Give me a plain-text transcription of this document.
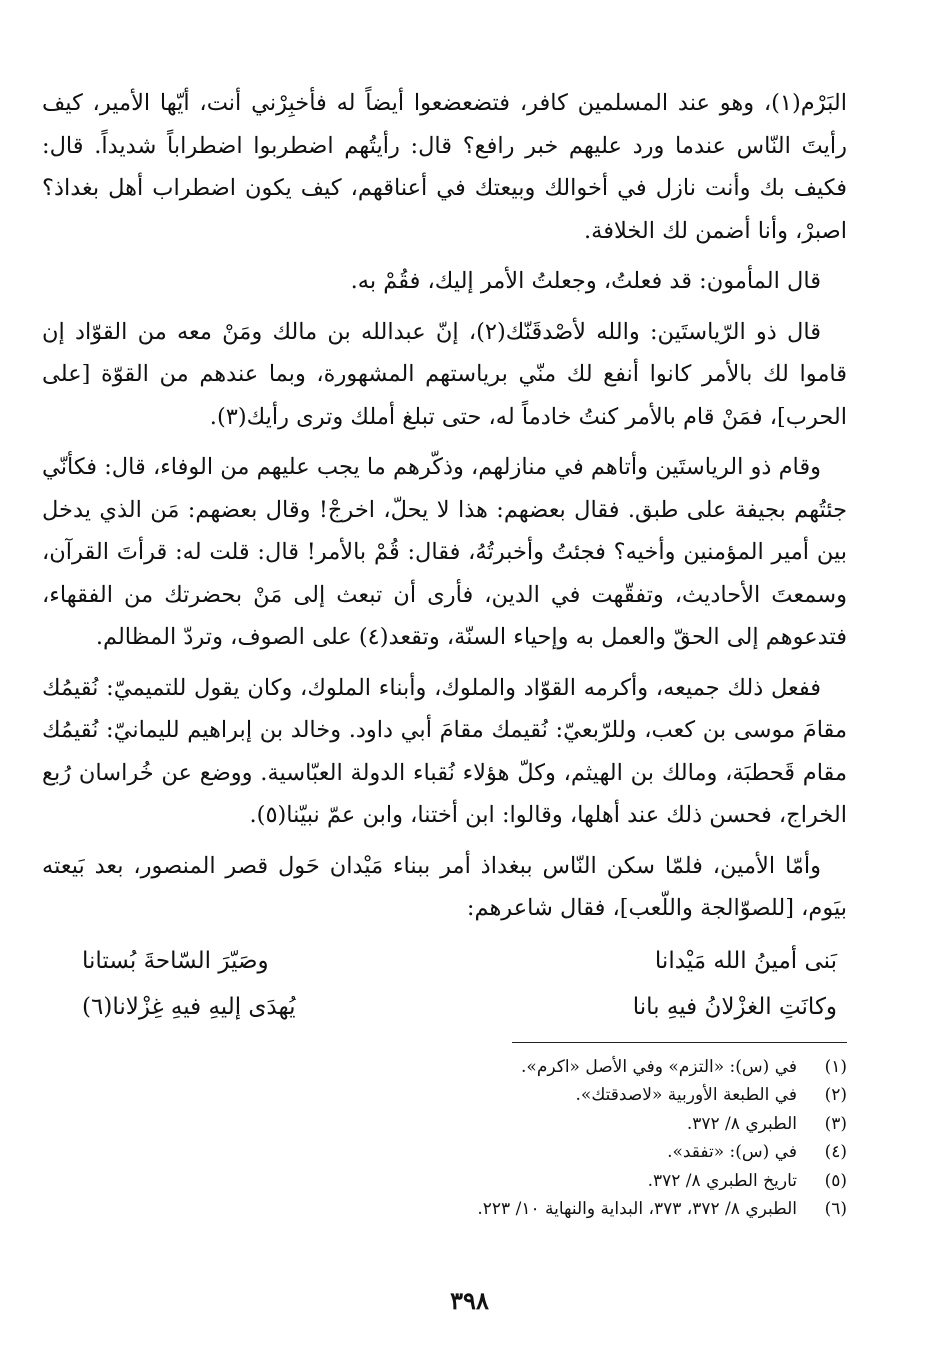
البَرْم(١)، وهو عند المسلمين كافر، فتضعضعوا أيضاً له فأخبِرْني أنت، أيّها الأمير، كيف رأيتَ النّاس عندما ورد عليهم خبر رافع؟ قال: رأيتُهم اضطربوا اضطراباً شديداً. قال: فكيف بك وأنت نازل في أخوالك وبيعتك في أعناقهم، كيف يكون اضطراب أهل بغداذ؟ اصبرْ، وأنا أضمن لك الخلافة.

قال المأمون: قد فعلتُ، وجعلتُ الأمر إليك، فقُمْ به.

قال ذو الرّياستَين: والله لأصْدقَنّك(٢)، إنّ عبدالله بن مالك ومَنْ معه من القوّاد إن قاموا لك بالأمر كانوا أنفع لك منّي برياستهم المشهورة، وبما عندهم من القوّة [على الحرب]، فمَنْ قام بالأمر كنتُ خادماً له، حتى تبلغ أملك وترى رأيك(٣).

وقام ذو الرياستَين وأتاهم في منازلهم، وذكّرهم ما يجب عليهم من الوفاء، قال: فكأنّي جئتُهم بجيفة على طبق. فقال بعضهم: هذا لا يحلّ، اخرجْ! وقال بعضهم: مَن الذي يدخل بين أمير المؤمنين وأخيه؟ فجئتُ وأخبرتُهُ، فقال: قُمْ بالأمر! قال: قلت له: قرأتَ القرآن، وسمعتَ الأحاديث، وتفقّهت في الدين، فأرى أن تبعث إلى مَنْ بحضرتك من الفقهاء، فتدعوهم إلى الحقّ والعمل به وإحياء السنّة، وتقعد(٤) على الصوف، وتردّ المظالم.

ففعل ذلك جميعه، وأكرمه القوّاد والملوك، وأبناء الملوك، وكان يقول للتميميّ: نُقيمُك مقامَ موسى بن كعب، وللرّبعيّ: نُقيمك مقامَ أبي داود. وخالد بن إبراهيم لليمانيّ: نُقيمُك مقام قَحطبَة، ومالك بن الهيثم، وكلّ هؤلاء نُقباء الدولة العبّاسية. ووضع عن خُراسان رُبع الخراج، فحسن ذلك عند أهلها، وقالوا: ابن أختنا، وابن عمّ نبيّنا(٥).

وأمّا الأمين، فلمّا سكن النّاس ببغداذ أمر ببناء مَيْدان حَول قصر المنصور، بعد بَيعته بيَوم، [للصوّالجة واللّعب]، فقال شاعرهم:

بَنى أمينُ الله مَيْدانا
وصَيّرَ السّاحةَ بُستانا
وكانَتِ الغزْلانُ فيهِ بانا
يُهدَى إليهِ فيهِ غِزْلانا(٦)
(١)
في (س): «التزم» وفي الأصل «اكرم».
(٢)
في الطبعة الأوربية «لاصدقتك».
(٣)
الطبري ٨/ ٣٧٢.
(٤)
في (س): «تفقد».
(٥)
تاريخ الطبري ٨/ ٣٧٢.
(٦)
الطبري ٨/ ٣٧٢، ٣٧٣، البداية والنهاية ١٠/ ٢٢٣.
٣٩٨
